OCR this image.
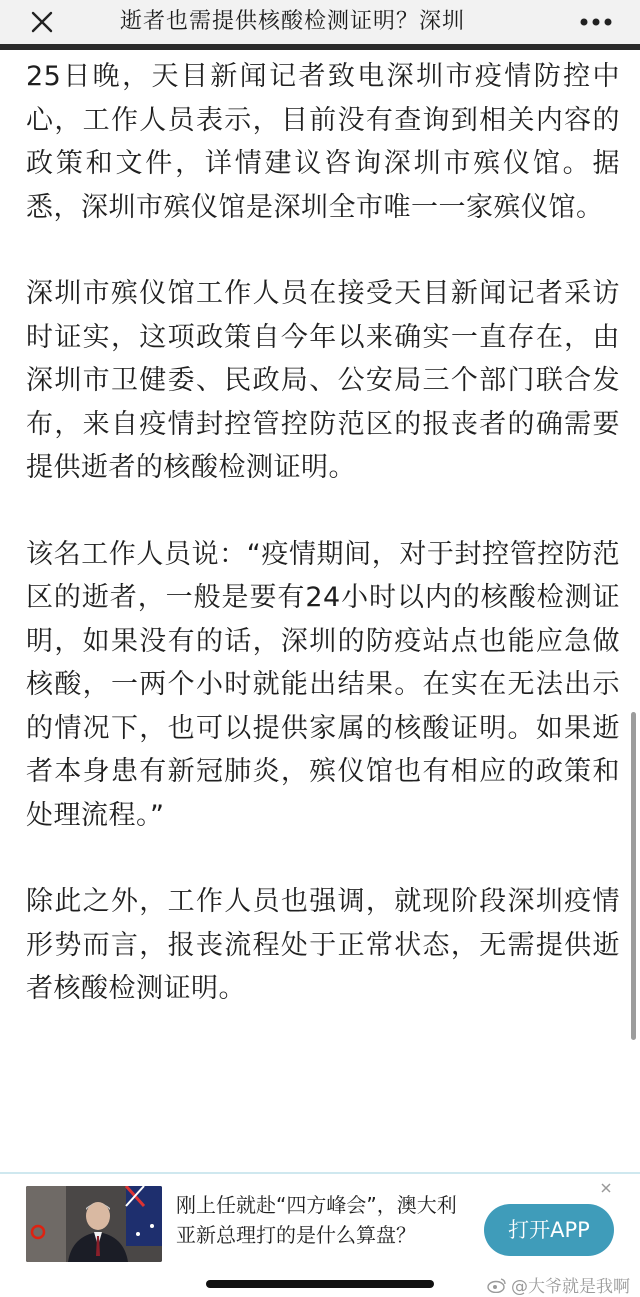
逝者也需提供核酸检测证明？深圳

25日晚，天目新闻记者致电深圳市疫情防控中心，工作人员表示，目前没有查询到相关内容的政策和文件，详情建议咨询深圳市殡仪馆。据悉，深圳市殡仪馆是深圳全市唯一一家殡仪馆。

深圳市殡仪馆工作人员在接受天目新闻记者采访时证实，这项政策自今年以来确实一直存在，由深圳市卫健委、民政局、公安局三个部门联合发布，来自疫情封控管控防范区的报丧者的确需要提供逝者的核酸检测证明。

该名工作人员说：“疫情期间，对于封控管控防范区的逝者，一般是要有24小时以内的核酸检测证明，如果没有的话，深圳的防疫站点也能应急做核酸，一两个小时就能出结果。在实在无法出示的情况下，也可以提供家属的核酸证明。如果逝者本身患有新冠肺炎，殡仪馆也有相应的政策和处理流程。”

除此之外，工作人员也强调，就现阶段深圳疫情形势而言，报丧流程处于正常状态，无需提供逝者核酸检测证明。

刚上任就赴“四方峰会”，澳大利亚新总理打的是什么算盘？	打开APP
@大爷就是我啊
